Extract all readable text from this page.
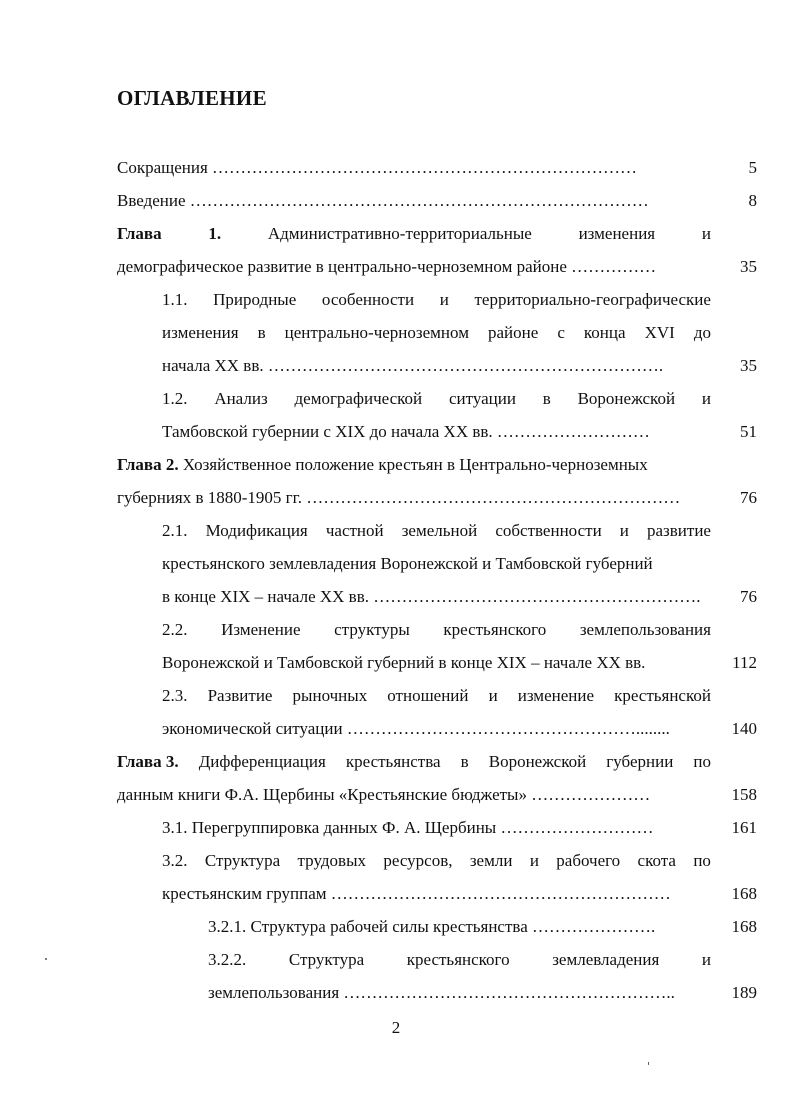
ОГЛАВЛЕНИЕ
Сокращения …………………………………………………………………	5
Введение ………………………………………………………………………	8
Глава	1.	Административно-территориальные	изменения	и
демографическое развитие в центрально-черноземном районе ……………	35
1.1. Природные особенности и территориально-географические
изменения в центрально-черноземном районе с конца XVI до
начала XX вв. …………………………………………………………….	35
1.2. Анализ демографической ситуации в Воронежской и
Тамбовской губернии с XIX до начала XX вв. ………………………	51
Глава 2. Хозяйственное положение крестьян в Центрально-черноземных
губерниях в 1880-1905 гг. …………………………………………………………	76
2.1. Модификация частной земельной собственности и развитие
крестьянского землевладения Воронежской и Тамбовской губерний
в конце XIX – начале XX вв. ………………………………………………….	76
2.2. Изменение структуры крестьянского землепользования
Воронежской и Тамбовской губерний в конце XIX – начале XX вв.	112
2.3. Развитие рыночных отношений и изменение крестьянской
экономической ситуации ……………………………………………........	140
Глава 3. Дифференциация крестьянства в Воронежской губернии по
данным книги Ф.А. Щербины «Крестьянские бюджеты» …………………	158
3.1. Перегруппировка данных Ф. А. Щербины ………………………	161
3.2. Структура трудовых ресурсов, земли и рабочего скота по
крестьянским группам ……………………………………………………	168
3.2.1. Структура рабочей силы крестьянства ………………….	168
3.2.2.	Структура	крестьянского	землевладения	и
землепользования …………………………………………………..	189
2
